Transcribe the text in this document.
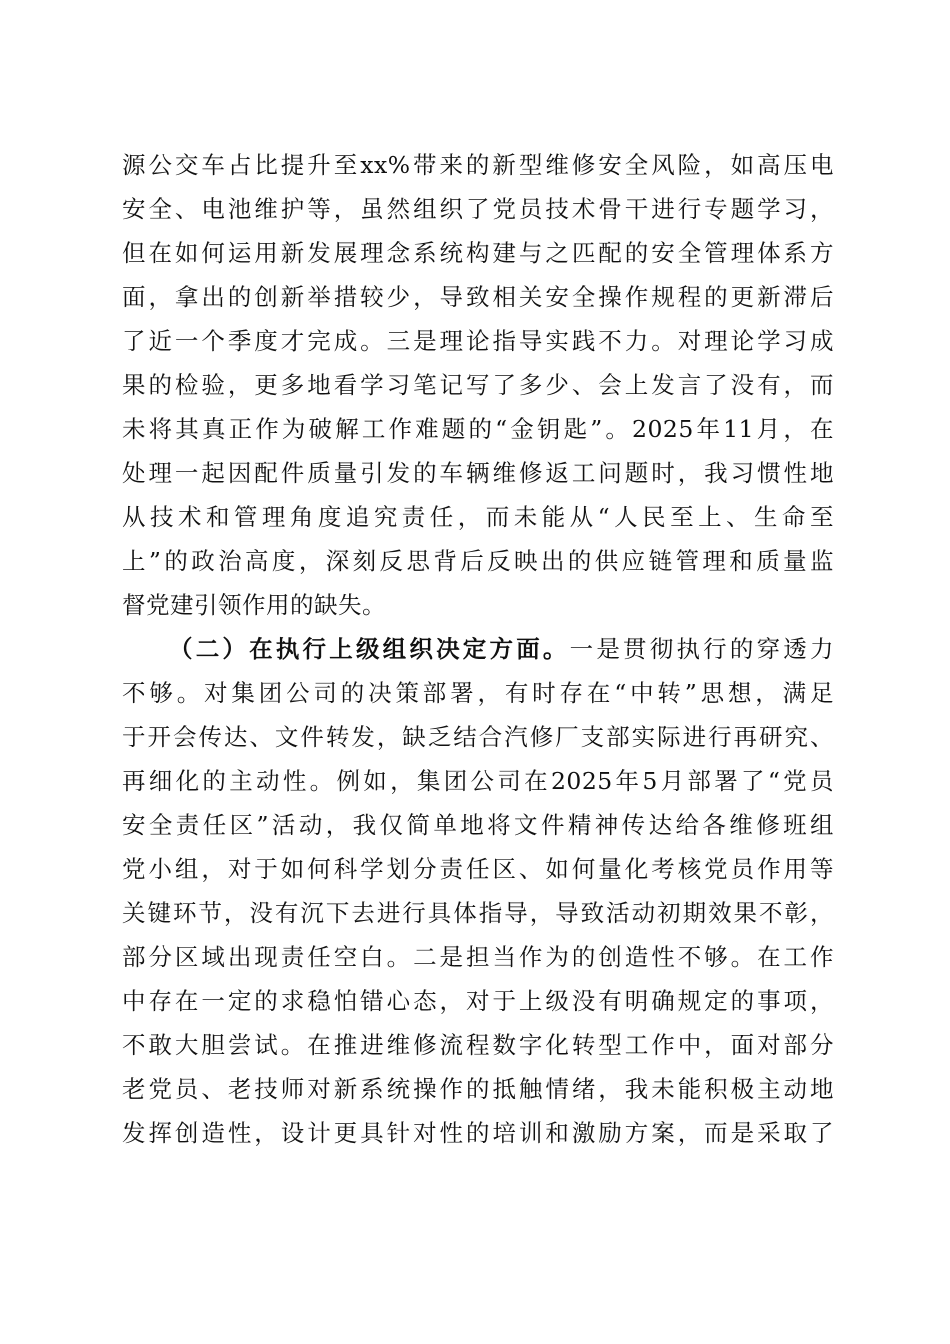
源公交车占比提升至xx%带来的新型维修安全风险，如高压电
安全、电池维护等，虽然组织了党员技术骨干进行专题学习，
但在如何运用新发展理念系统构建与之匹配的安全管理体系方
面，拿出的创新举措较少，导致相关安全操作规程的更新滞后
了近一个季度才完成。三是理论指导实践不力。对理论学习成
果的检验，更多地看学习笔记写了多少、会上发言了没有，而
未将其真正作为破解工作难题的“金钥匙”。2025年11月，在
处理一起因配件质量引发的车辆维修返工问题时，我习惯性地
从技术和管理角度追究责任，而未能从“人民至上、生命至
上”的政治高度，深刻反思背后反映出的供应链管理和质量监
督党建引领作用的缺失。
（二）在执行上级组织决定方面。一是贯彻执行的穿透力
不够。对集团公司的决策部署，有时存在“中转”思想，满足
于开会传达、文件转发，缺乏结合汽修厂支部实际进行再研究、
再细化的主动性。例如，集团公司在2025年5月部署了“党员
安全责任区”活动，我仅简单地将文件精神传达给各维修班组
党小组，对于如何科学划分责任区、如何量化考核党员作用等
关键环节，没有沉下去进行具体指导，导致活动初期效果不彰，
部分区域出现责任空白。二是担当作为的创造性不够。在工作
中存在一定的求稳怕错心态，对于上级没有明确规定的事项，
不敢大胆尝试。在推进维修流程数字化转型工作中，面对部分
老党员、老技师对新系统操作的抵触情绪，我未能积极主动地
发挥创造性，设计更具针对性的培训和激励方案，而是采取了
